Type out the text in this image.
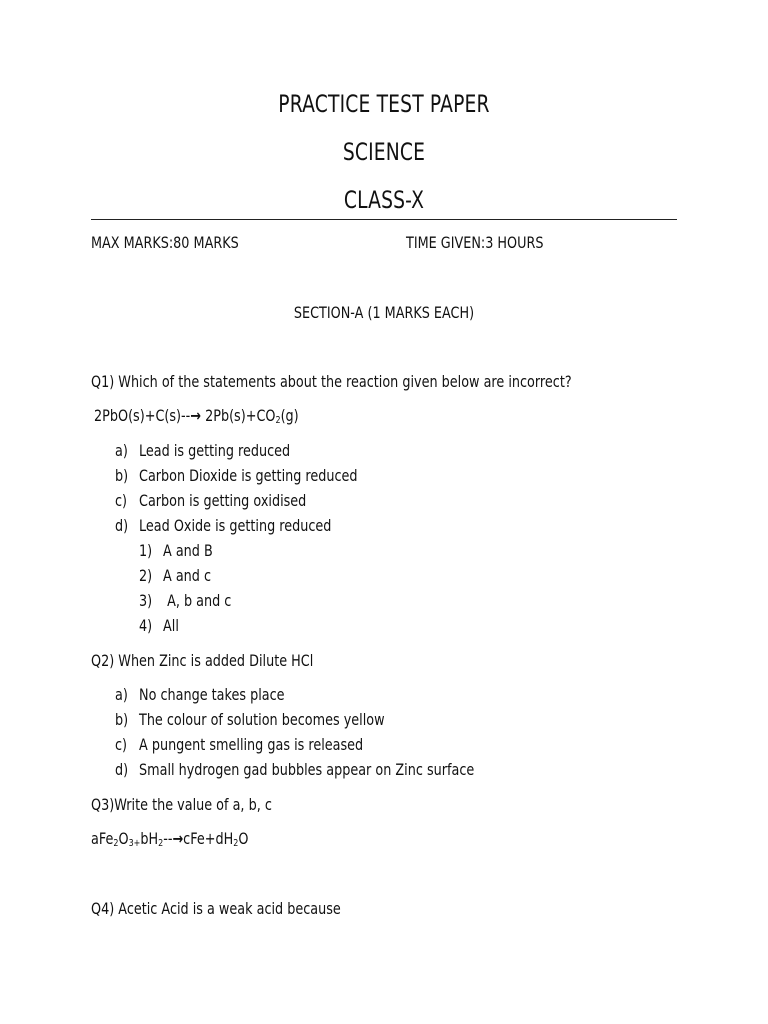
PRACTICE TEST PAPER
SCIENCE
CLASS-X
MAX MARKS:80 MARKS	TIME GIVEN:3 HOURS
SECTION-A (1 MARKS EACH)
Q1) Which of the statements about the reaction given below are incorrect?
$2PbO(s)+C(s)--\to 2Pb(s)+CO_2(g)$
a) Lead is getting reduced
b) Carbon Dioxide is getting reduced
c) Carbon is getting oxidised
d) Lead Oxide is getting reduced
1) A and B
2) A and c
3) A, b and c
4) All
Q2) When Zinc is added Dilute HCl
a) No change takes place
b) The colour of solution becomes yellow
c) A pungent smelling gas is released
d) Small hydrogen gad bubbles appear on Zinc surface
Q3)Write the value of a, b, c
$aFe_2O_{3+}bH_2--\to cFe+dH_2O$
Q4) Acetic Acid is a weak acid because
